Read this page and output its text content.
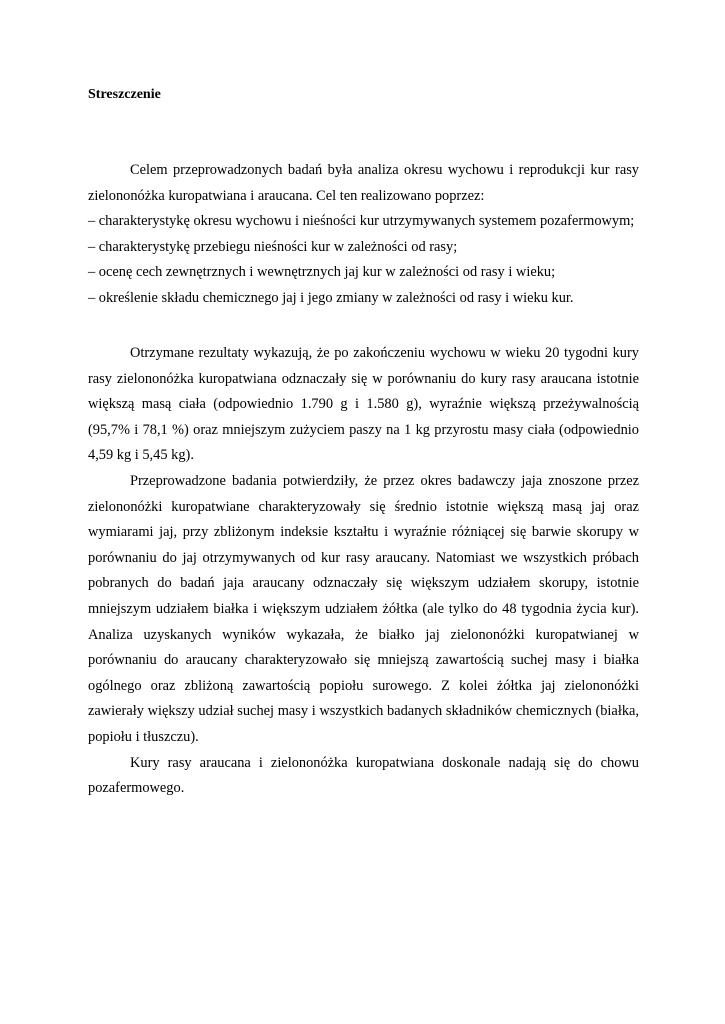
Streszczenie

Celem przeprowadzonych badań była analiza okresu wychowu i reprodukcji kur rasy zielononóżka kuropatwiana i araucana. Cel ten realizowano poprzez:

– charakterystykę okresu wychowu i nieśności kur utrzymywanych systemem pozafermowym;

– charakterystykę przebiegu nieśności kur w zależności od rasy;

– ocenę cech zewnętrznych i wewnętrznych jaj kur w zależności od rasy i wieku;

– określenie składu chemicznego jaj i jego zmiany w zależności od rasy i wieku kur.

Otrzymane rezultaty wykazują, że po zakończeniu wychowu w wieku 20 tygodni kury rasy zielononóżka kuropatwiana odznaczały się w porównaniu do kury rasy araucana istotnie większą masą ciała (odpowiednio 1.790 g i 1.580 g), wyraźnie większą przeżywalnością (95,7% i 78,1 %) oraz mniejszym zużyciem paszy na 1 kg przyrostu masy ciała (odpowiednio 4,59 kg i 5,45 kg).

Przeprowadzone badania potwierdziły, że przez okres badawczy jaja znoszone przez zielononóżki kuropatwiane charakteryzowały się średnio istotnie większą masą jaj oraz wymiarami jaj, przy zbliżonym indeksie kształtu i wyraźnie różniącej się barwie skorupy w porównaniu do jaj otrzymywanych od kur rasy araucany. Natomiast we wszystkich próbach pobranych do badań jaja araucany odznaczały się większym udziałem skorupy, istotnie mniejszym udziałem białka i większym udziałem żółtka (ale tylko do 48 tygodnia życia kur). Analiza uzyskanych wyników wykazała, że białko jaj zielononóżki kuropatwianej w porównaniu do araucany charakteryzowało się mniejszą zawartością suchej masy i białka ogólnego oraz zbliżoną zawartością popiołu surowego. Z kolei żółtka jaj zielononóżki zawierały większy udział suchej masy i wszystkich badanych składników chemicznych (białka, popiołu i tłuszczu).

Kury rasy araucana i zielononóżka kuropatwiana doskonale nadają się do chowu pozafermowego.
